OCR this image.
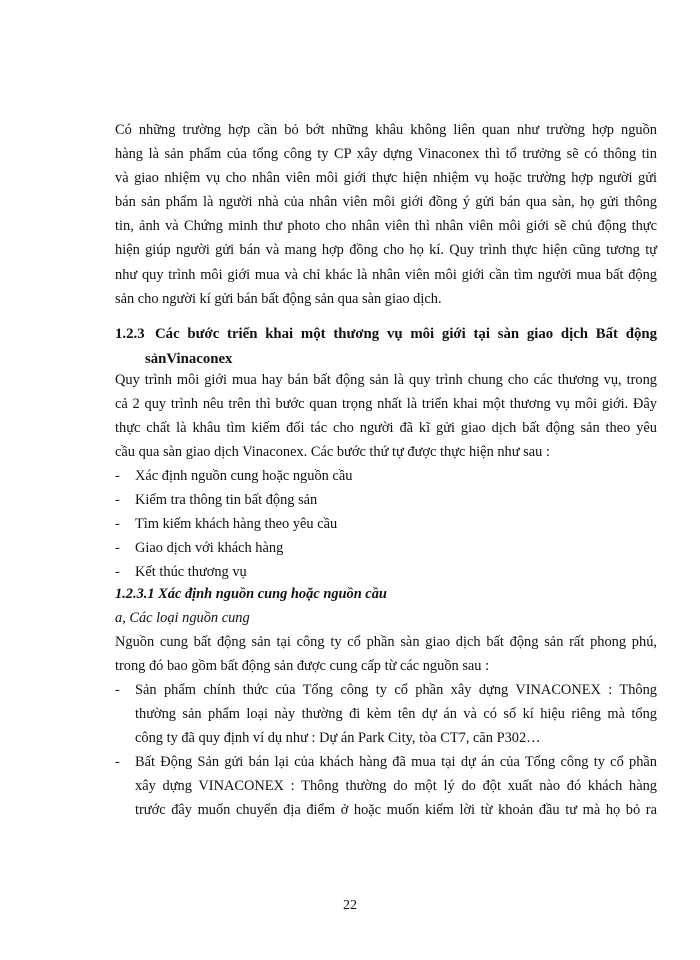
Có những trường hợp cần bỏ bớt những khâu không liên quan như trường hợp nguồn
hàng là sản phẩm của tổng công ty CP xây dựng Vinaconex thì tổ trưởng sẽ có thông tin
và giao nhiệm vụ cho nhân viên môi giới thực hiện nhiệm vụ hoặc trường hợp người gửi
bán sản phẩm là người nhà của nhân viên môi giới đồng ý gửi bán qua sàn, họ gửi thông
tin, ảnh và Chứng minh thư photo cho nhân viên thì nhân viên môi giới sẽ chủ động thực
hiện giúp người gửi bán và mang hợp đồng cho họ kí. Quy trình thực hiện cũng tương tự
như quy trình môi giới mua và chỉ khác là nhân viên môi giới cần tìm người mua bất động
sản cho người kí gửi bán bất động sản qua sàn giao dịch.
1.2.3 Các bước triển khai một thương vụ môi giới tại sàn giao dịch Bất động
sảnVinaconex
Quy trình môi giới mua hay bán bất động sản là quy trình chung cho các thương vụ, trong
cả 2 quy trình nêu trên thì bước quan trọng nhất là triển khai một thương vụ môi giới. Đây
thực chất là khâu tìm kiếm đối tác cho người đã kĩ gửi giao dịch bất động sản theo yêu
cầu qua sàn giao dịch Vinaconex. Các bước thứ tự được thực hiện như sau :
- Xác định nguồn cung hoặc nguồn cầu
- Kiểm tra thông tin bất động sản
- Tìm kiếm khách hàng theo yêu cầu
- Giao dịch với khách hàng
- Kết thúc thương vụ
1.2.3.1 Xác định nguồn cung hoặc nguồn cầu
a, Các loại nguồn cung
Nguồn cung bất động sản tại công ty cổ phần sàn giao dịch bất động sản rất phong phú,
trong đó bao gồm bất động sản được cung cấp từ các nguồn sau :
- Sản phẩm chính thức của Tổng công ty cổ phần xây dựng VINACONEX : Thông
thường sản phẩm loại này thường đi kèm tên dự án và có số kí hiệu riêng mà tổng
công ty đã quy định ví dụ như : Dự án Park City, tòa CT7, căn P302…
- Bất Động Sản gửi bán lại của khách hàng đã mua tại dự án của Tổng công ty cổ phần
xây dựng VINACONEX : Thông thường do một lý do đột xuất nào đó khách hàng
trước đây muốn chuyển địa điểm ở hoặc muốn kiếm lời từ khoản đầu tư mà họ bỏ ra
22
